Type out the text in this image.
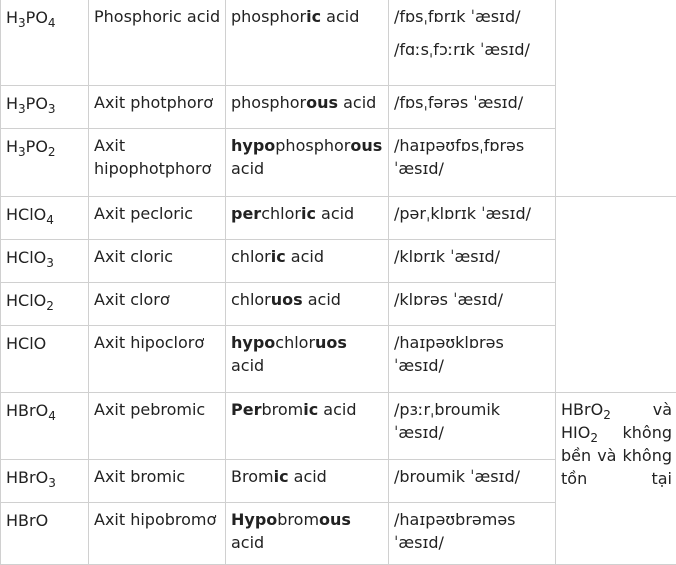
$H_3PO_4$	Phosphoric acid	phosphoric acid	/fɒsˌfɒrɪk ˈæsɪd/
/fɑːsˌfɔːrɪk ˈæsɪd/	
$H_3PO_3$	Axit photphorơ	phosphorous acid	/fɒsˌfərəs ˈæsɪd/	
$H_3PO_2$	Axit hipophotphorơ	hypophosphorous acid	/haɪpəʊfɒsˌfɒrəs ˈæsɪd/	
HClO$_4$	Axit pecloric	perchloric acid	/pərˌklɒrɪk ˈæsɪd/	
HClO$_3$	Axit cloric	chloric acid	/klɒrɪk ˈæsɪd/	
HClO$_2$	Axit clorơ	chloruos acid	/klɒrəs ˈæsɪd/	
HClO	Axit hipoclorơ	hypochloruos acid	/haɪpəʊklɒrəs ˈæsɪd/	
HBrO$_4$	Axit pebromic	Perbromic acid	/pɜːrˌbroumik ˈæsɪd/	HBrO$_2$ và $HIO_2$ không bền và không tồn tại
HBrO$_3$	Axit bromic	Bromic acid	/broumik ˈæsɪd/	
HBrO	Axit hipobromơ	Hypobromous acid	/haɪpəʊbrəməs ˈæsɪd/	
